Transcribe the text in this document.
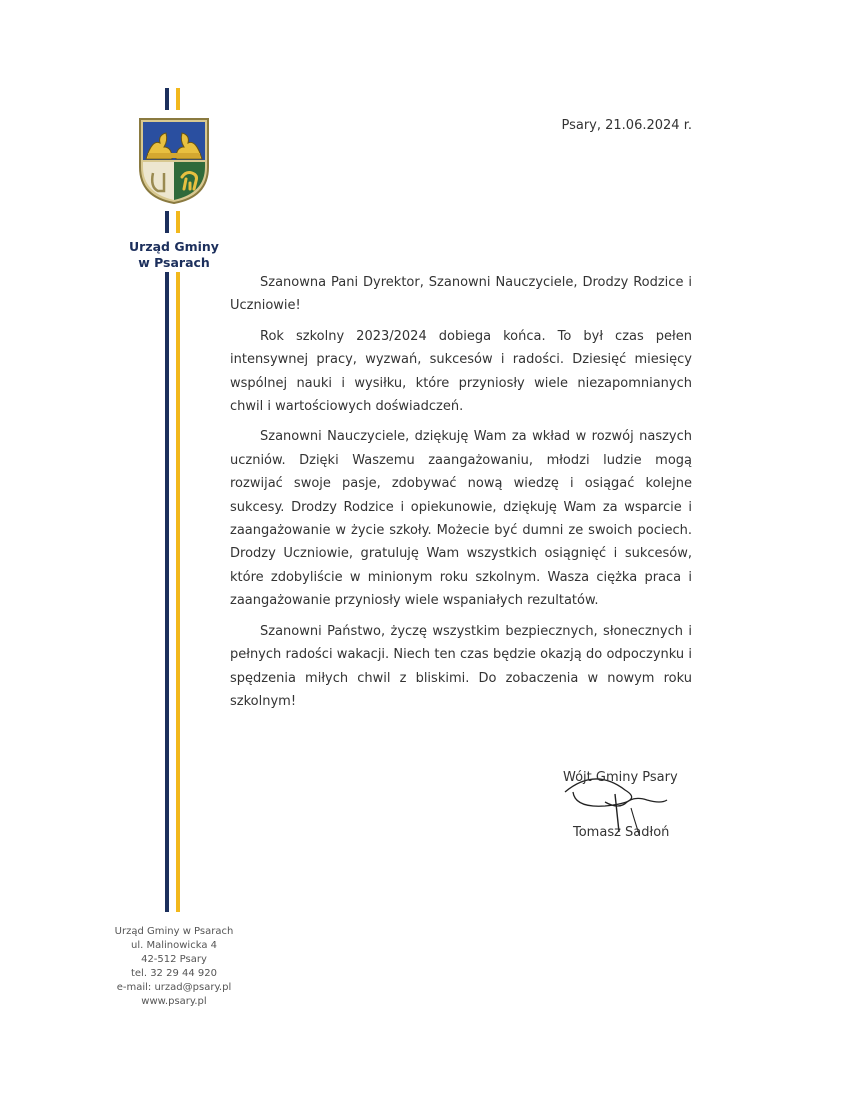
Urząd Gminy
w Psarach
Psary, 21.06.2024 r.

Szanowna Pani Dyrektor, Szanowni Nauczyciele, Drodzy Rodzice i Uczniowie!

Rok szkolny 2023/2024 dobiega końca. To był czas pełen intensywnej pracy, wyzwań, sukcesów i radości. Dziesięć miesięcy wspólnej nauki i wysiłku, które przyniosły wiele niezapomnianych chwil i wartościowych doświadczeń.

Szanowni Nauczyciele, dziękuję Wam za wkład w rozwój naszych uczniów. Dzięki Waszemu zaangażowaniu, młodzi ludzie mogą rozwijać swoje pasje, zdobywać nową wiedzę i osiągać kolejne sukcesy. Drodzy Rodzice i opiekunowie, dziękuję Wam za wsparcie i zaangażowanie w życie szkoły. Możecie być dumni ze swoich pociech. Drodzy Uczniowie, gratuluję Wam wszystkich osiągnięć i sukcesów, które zdobyliście w minionym roku szkolnym. Wasza ciężka praca i zaangażowanie przyniosły wiele wspaniałych rezultatów.

Szanowni Państwo, życzę wszystkim bezpiecznych, słonecznych i pełnych radości wakacji. Niech ten czas będzie okazją do odpoczynku i spędzenia miłych chwil z bliskimi. Do zobaczenia w nowym roku szkolnym!

Wójt Gminy Psary
Tomasz Sadłoń
Urząd Gminy w Psarach
ul. Malinowicka 4
42-512 Psary
tel. 32 29 44 920
e-mail: urzad@psary.pl
www.psary.pl
